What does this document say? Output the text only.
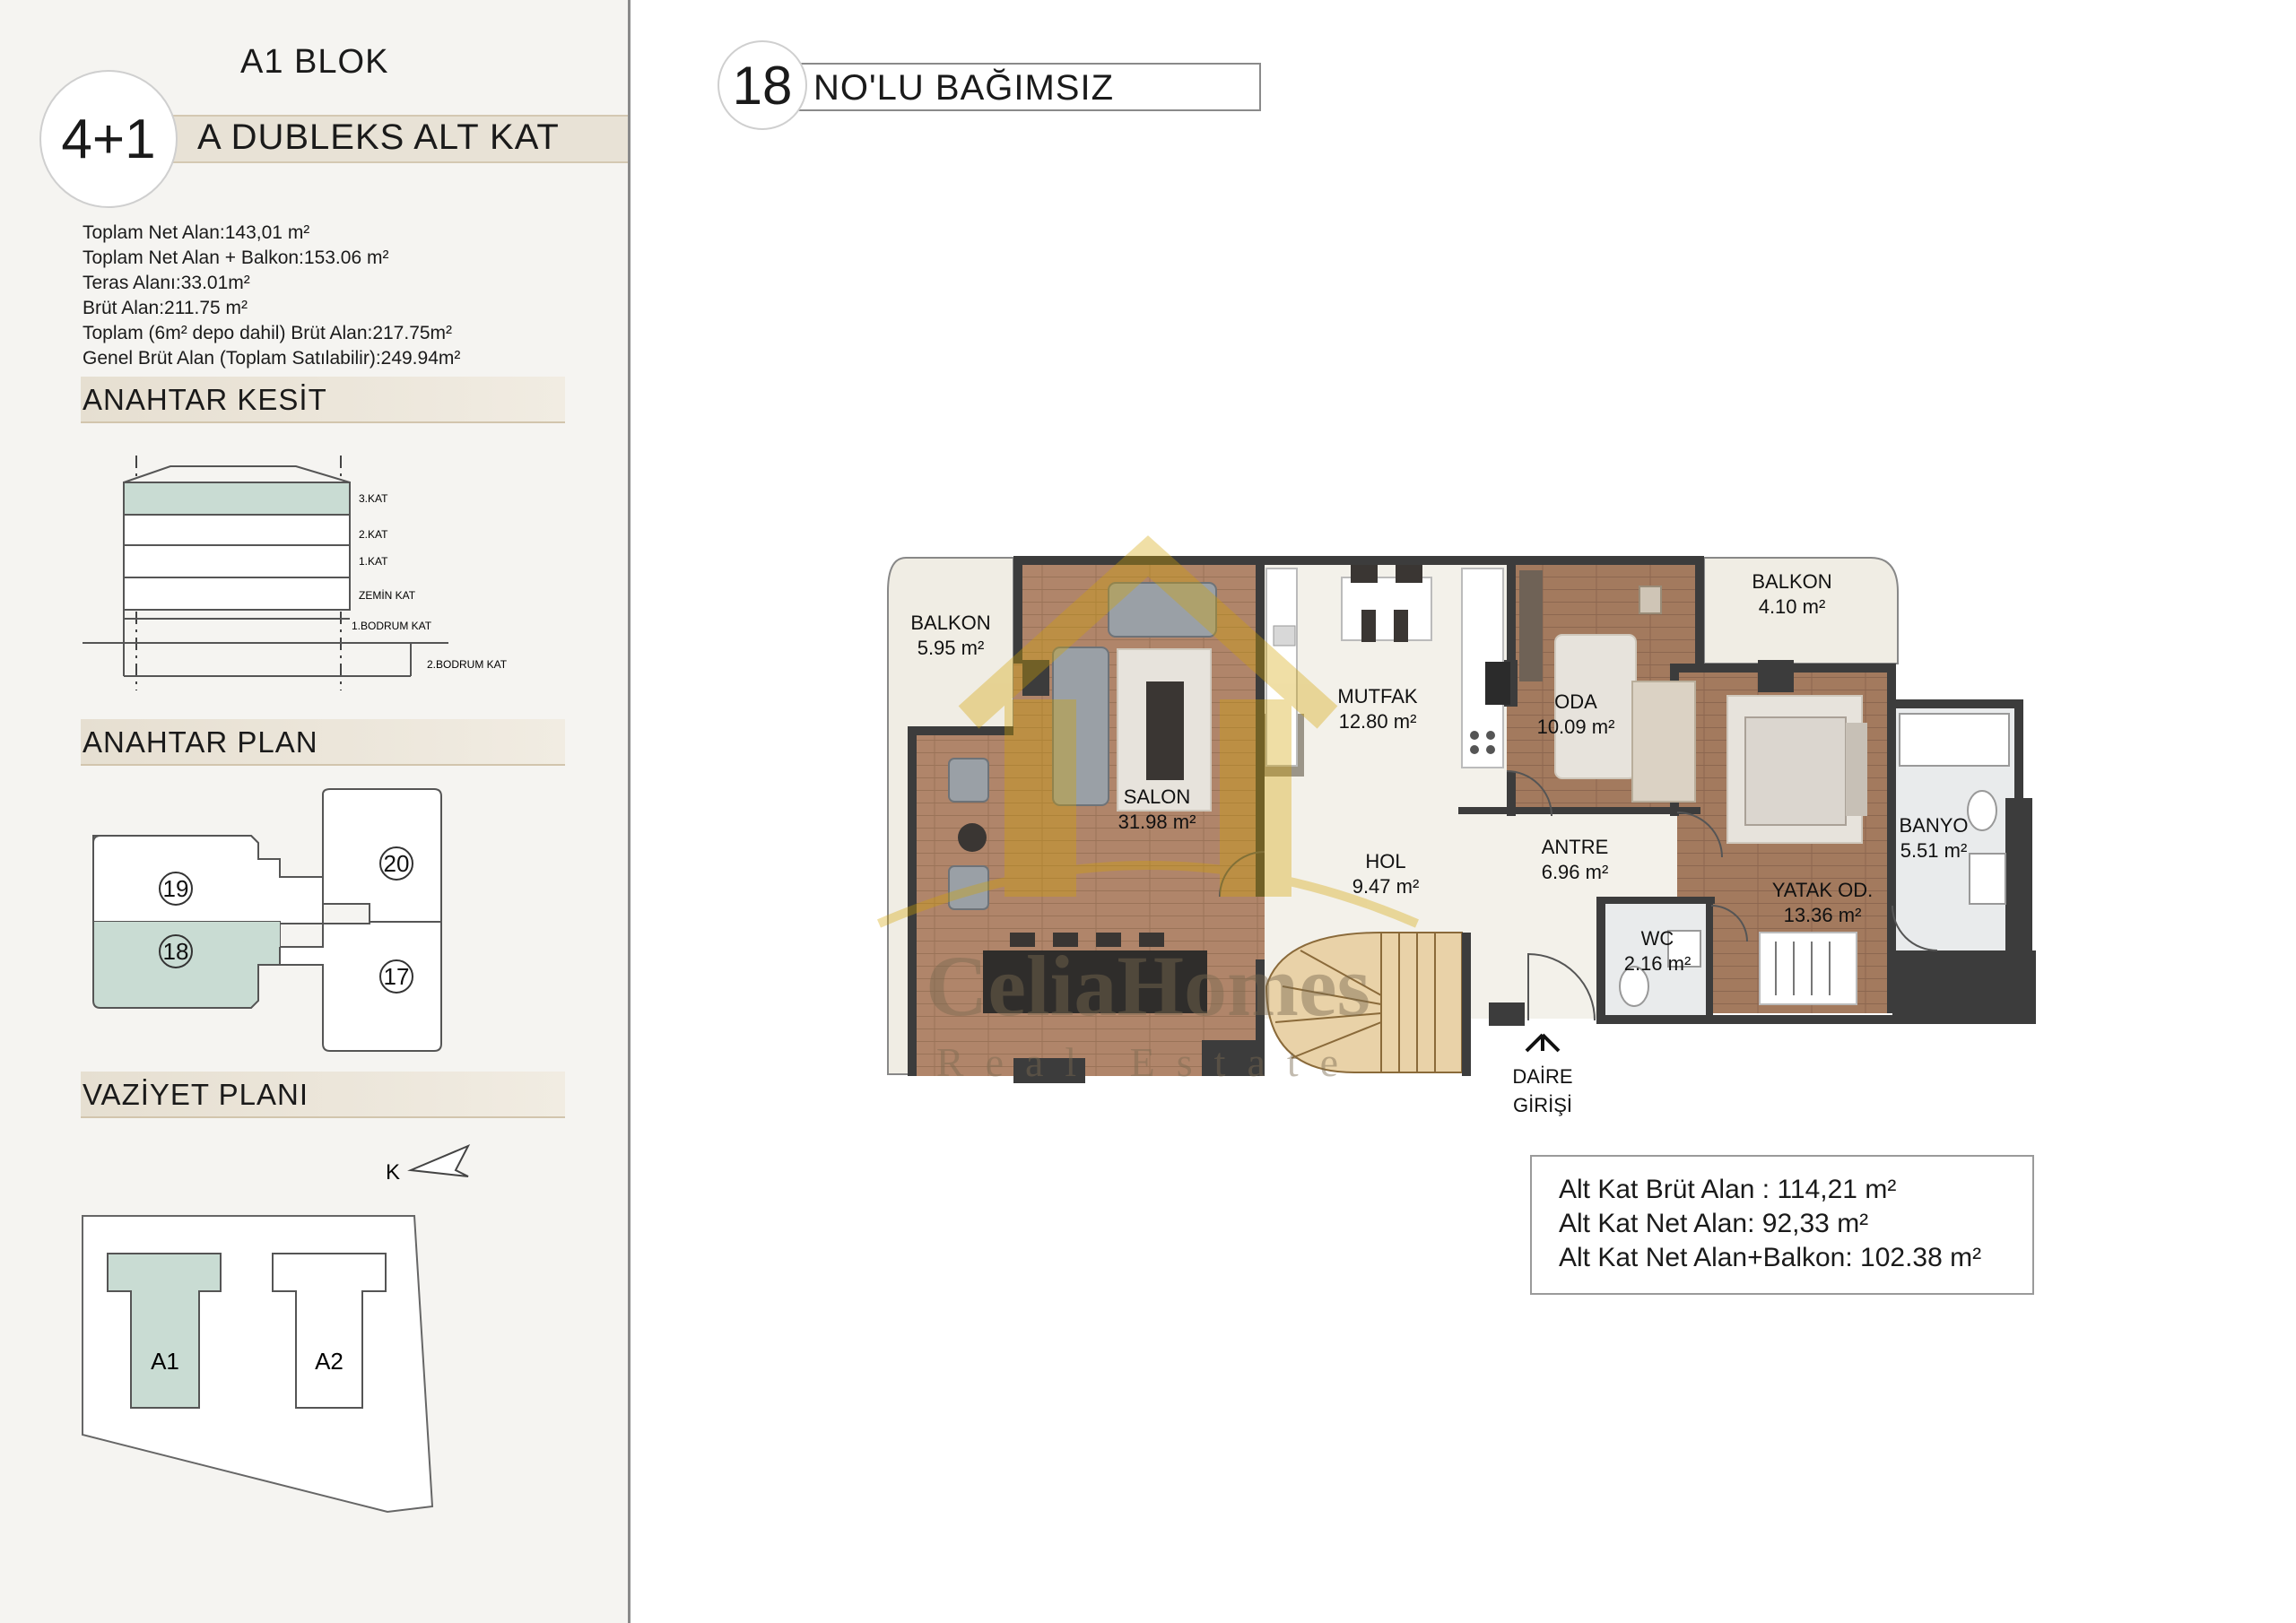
A1 BLOK
4+1	A DUBLEKS ALT KAT
Toplam Net Alan:143,01 m²
Toplam Net Alan + Balkon:153.06 m²
Teras Alanı:33.01m²
Brüt Alan:211.75 m²
Toplam (6m² depo dahil) Brüt Alan:217.75m²
Genel Brüt Alan (Toplam Satılabilir):249.94m²
ANAHTAR KESİT
ANAHTAR PLAN
VAZİYET PLANI
3.KAT
2.KAT
1.KAT
ZEMİN KAT
1.BODRUM KAT
2.BODRUM KAT
19
20
18
17
K
A1	A2
CeliaHomes
Real Estate
BALKON
5.95 m²
SALON
31.98 m²
MUTFAK
12.80 m²
ODA
10.09 m²
BALKON
4.10 m²
HOL
9.47 m²
ANTRE
6.96 m²
BANYO
5.51 m²
YATAK OD.
13.36 m²
WC
2.16 m²
DAİRE
GİRİŞİ
18 NO'LU BAĞIMSIZ
Alt Kat Brüt Alan : 114,21 m²
Alt Kat Net Alan: 92,33 m²
Alt Kat Net Alan+Balkon: 102.38 m²
